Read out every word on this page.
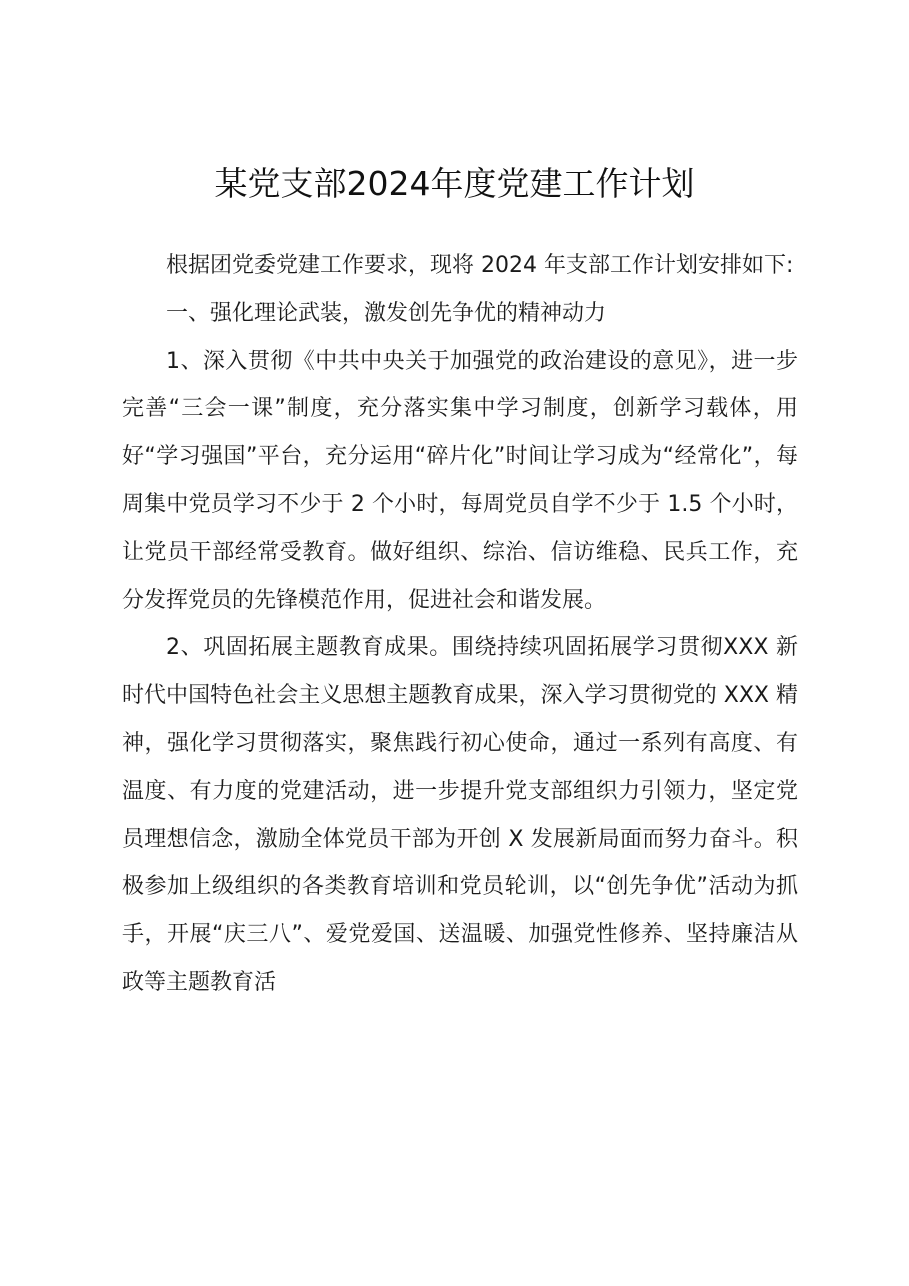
某党支部2024年度党建工作计划

根据团党委党建工作要求，现将 2024 年支部工作计划安排如下:

一、强化理论武装，激发创先争优的精神动力

1、深入贯彻《中共中央关于加强党的政治建设的意见》，进一步完善“三会一课”制度，充分落实集中学习制度，创新学习载体，用好“学习强国”平台，充分运用“碎片化”时间让学习成为“经常化”，每周集中党员学习不少于 2 个小时，每周党员自学不少于 1.5 个小时，让党员干部经常受教育。做好组织、综治、信访维稳、民兵工作，充分发挥党员的先锋模范作用，促进社会和谐发展。

2、巩固拓展主题教育成果。围绕持续巩固拓展学习贯彻XXX 新时代中国特色社会主义思想主题教育成果，深入学习贯彻党的 XXX 精神，强化学习贯彻落实，聚焦践行初心使命，通过一系列有高度、有温度、有力度的党建活动，进一步提升党支部组织力引领力，坚定党员理想信念，激励全体党员干部为开创 X 发展新局面而努力奋斗。积极参加上级组织的各类教育培训和党员轮训，以“创先争优”活动为抓手，开展“庆三八”、爱党爱国、送温暖、加强党性修养、坚持廉洁从政等主题教育活
